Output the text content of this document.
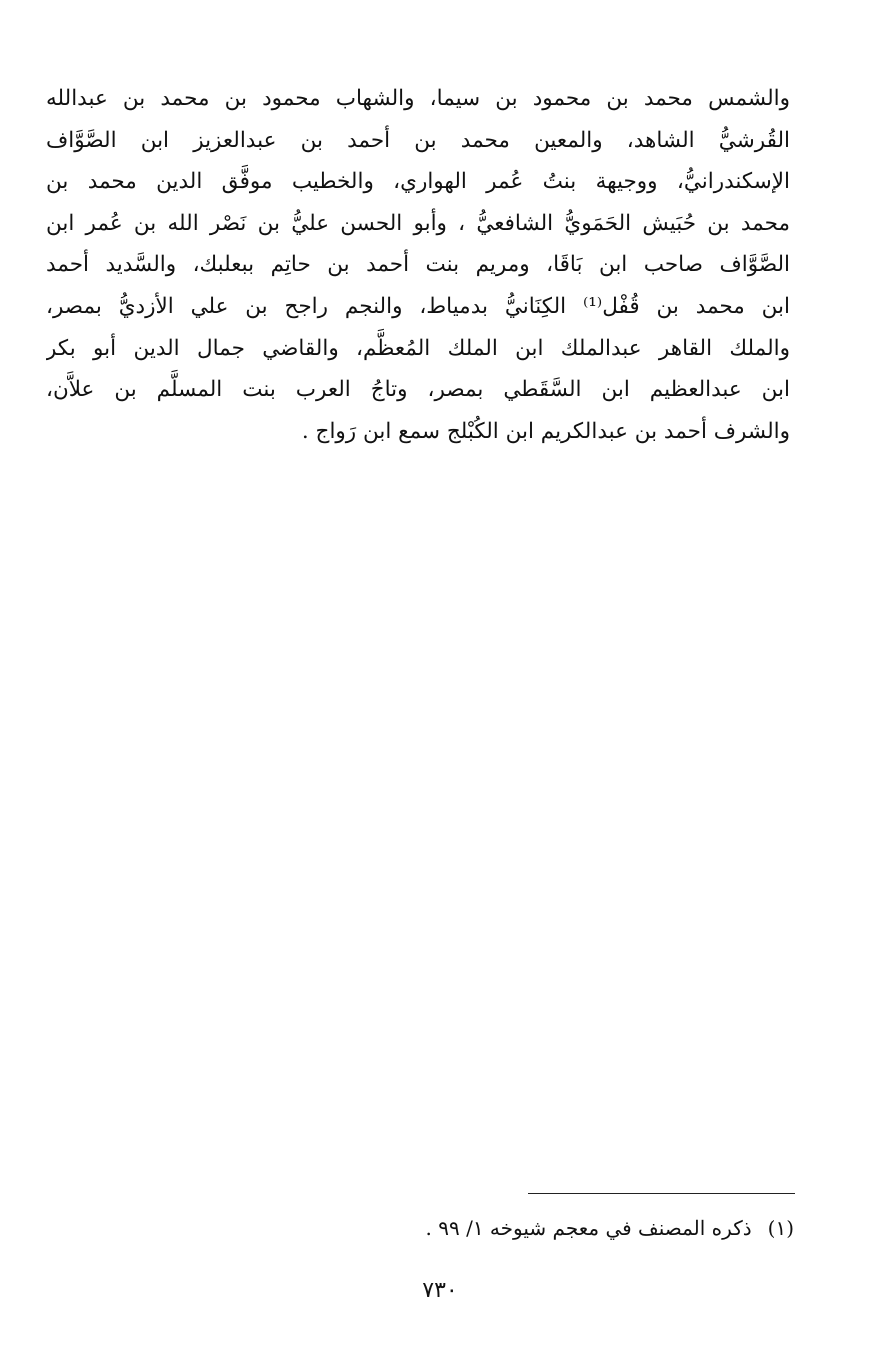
والشمس محمد بن محمود بن سيما، والشهاب محمود بن محمد بن عبدالله
القُرشيُّ الشاهد، والمعين محمد بن أحمد بن عبدالعزيز ابن الصَّوَّاف
الإسكندرانيُّ، ووجيهة بنتُ عُمر الهواري، والخطيب موفَّق الدين محمد بن
محمد بن حُبَيش الحَمَويُّ الشافعيُّ ، وأبو الحسن عليُّ بن نَصْر الله بن عُمر ابن
الصَّوَّاف صاحب ابن بَاقَا، ومريم بنت أحمد بن حاتِم ببعلبك، والسَّديد أحمد
ابن محمد بن قُفْل⁽¹⁾ الكِنَانيُّ بدمياط، والنجم راجح بن علي الأزديُّ بمصر،
والملك القاهر عبدالملك ابن الملك المُعظَّم، والقاضي جمال الدين أبو بكر
ابن عبدالعظيم ابن السَّقَطي بمصر، وتاجُ العرب بنت المسلَّم بن علاَّن،
والشرف أحمد بن عبدالكريم ابن الكُبْلج سمع ابن رَواج .
(١)ذكره المصنف في معجم شيوخه ١/ ٩٩ .
٧٣٠
